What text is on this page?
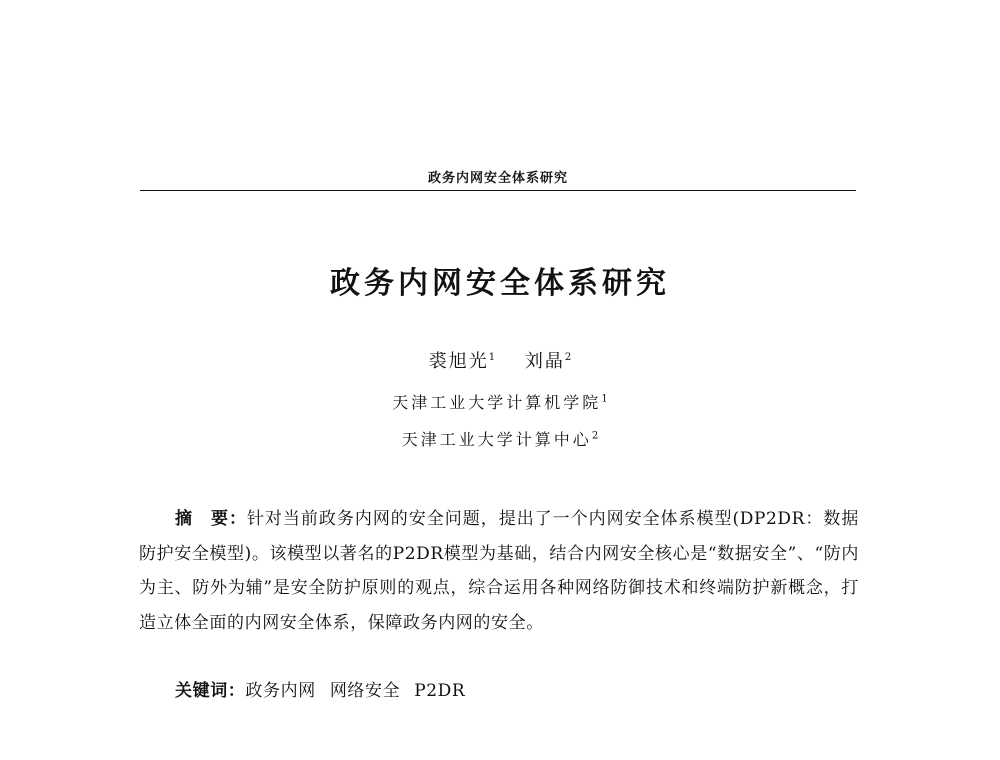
政务内网安全体系研究
政务内网安全体系研究
裘旭光$^1$ 刘晶$^2$
天津工业大学计算机学院$^1$
天津工业大学计算中心$^2$

摘　要：针对当前政务内网的安全问题，提出了一个内网安全体系模型(DP2DR：数据防护安全模型)。该模型以著名的P2DR模型为基础，结合内网安全核心是“数据安全”、“防内为主、防外为辅”是安全防护原则的观点，综合运用各种网络防御技术和终端防护新概念，打造立体全面的内网安全体系，保障政务内网的安全。

关键词：政务内网 网络安全 P2DR
